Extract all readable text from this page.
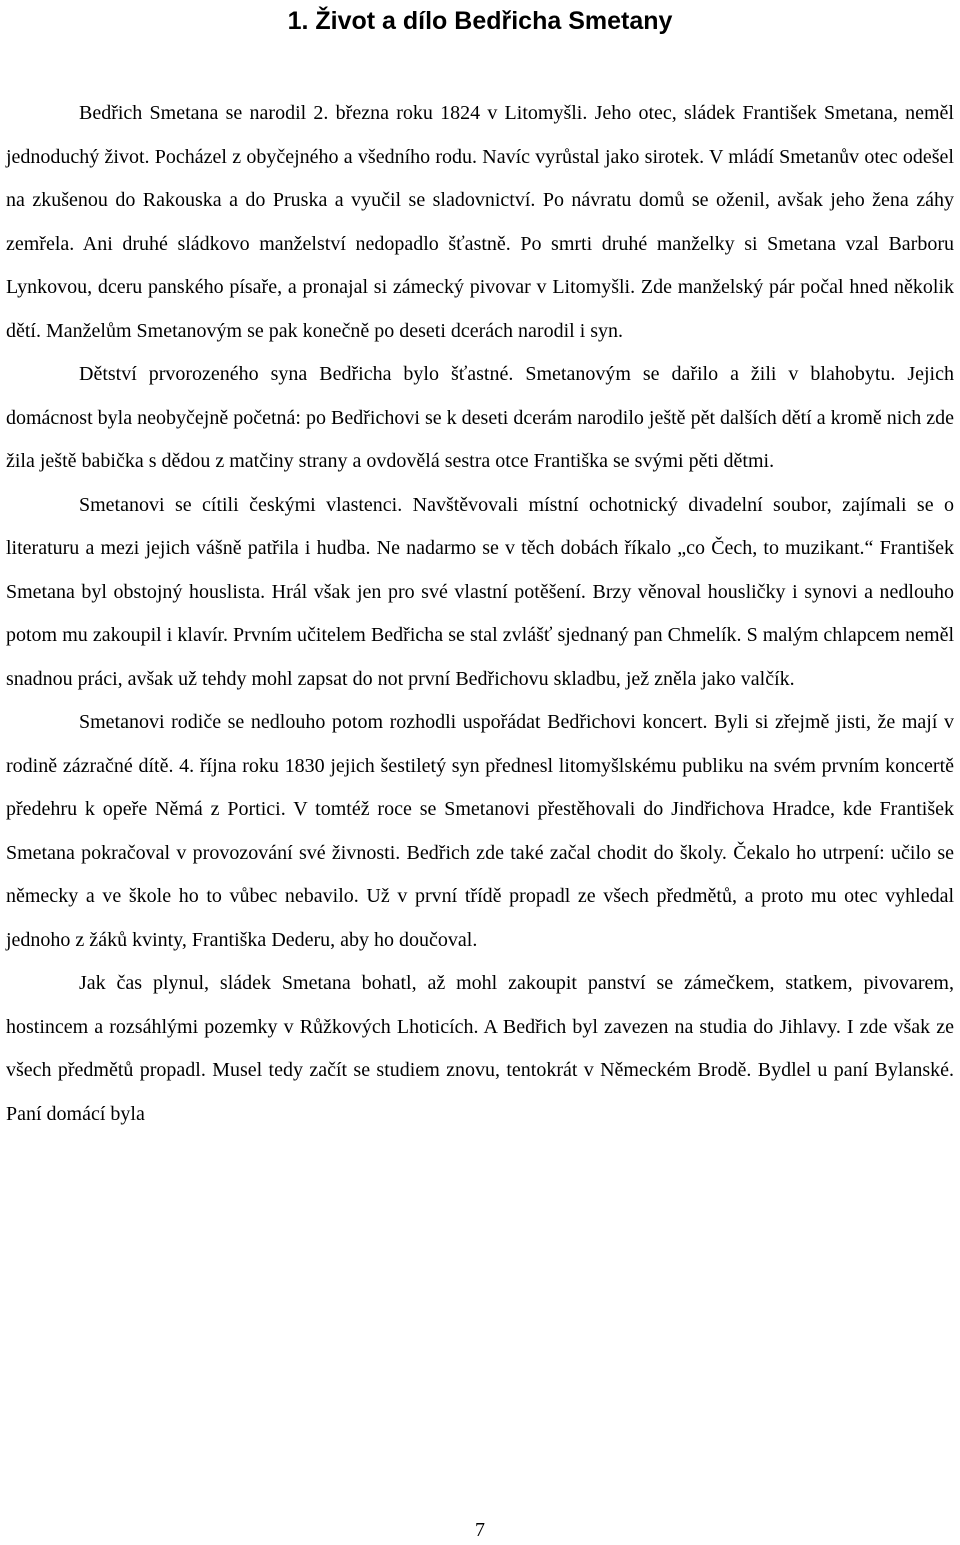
1. Život a dílo Bedřicha Smetany

Bedřich Smetana se narodil 2. března roku 1824 v Litomyšli. Jeho otec, sládek František Smetana, neměl jednoduchý život. Pocházel z obyčejného a všedního rodu. Navíc vyrůstal jako sirotek. V mládí Smetanův otec odešel na zkušenou do Rakouska a do Pruska a vyučil se sladovnictví. Po návratu domů se oženil, avšak jeho žena záhy zemřela. Ani druhé sládkovo manželství nedopadlo šťastně. Po smrti druhé manželky si Smetana vzal Barboru Lynkovou, dceru panského písaře, a pronajal si zámecký pivovar v Litomyšli. Zde manželský pár počal hned několik dětí. Manželům Smetanovým se pak konečně po deseti dcerách narodil i syn.

Dětství prvorozeného syna Bedřicha bylo šťastné. Smetanovým se dařilo a žili v blahobytu. Jejich domácnost byla neobyčejně početná: po Bedřichovi se k deseti dcerám narodilo ještě pět dalších dětí a kromě nich zde žila ještě babička s dědou z matčiny strany a ovdovělá sestra otce Františka se svými pěti dětmi.

Smetanovi se cítili českými vlastenci. Navštěvovali místní ochotnický divadelní soubor, zajímali se o literaturu a mezi jejich vášně patřila i hudba. Ne nadarmo se v těch dobách říkalo „co Čech, to muzikant.“ František Smetana byl obstojný houslista. Hrál však jen pro své vlastní potěšení. Brzy věnoval housličky i synovi a nedlouho potom mu zakoupil i klavír. Prvním učitelem Bedřicha se stal zvlášť sjednaný pan Chmelík. S malým chlapcem neměl snadnou práci, avšak už tehdy mohl zapsat do not první Bedřichovu skladbu, jež zněla jako valčík.

Smetanovi rodiče se nedlouho potom rozhodli uspořádat Bedřichovi koncert. Byli si zřejmě jisti, že mají v rodině zázračné dítě. 4. října roku 1830 jejich šestiletý syn přednesl litomyšlskému publiku na svém prvním koncertě předehru k opeře Němá z Portici. V tomtéž roce se Smetanovi přestěhovali do Jindřichova Hradce, kde František Smetana pokračoval v provozování své živnosti. Bedřich zde také začal chodit do školy. Čekalo ho utrpení: učilo se německy a ve škole ho to vůbec nebavilo. Už v první třídě propadl ze všech předmětů, a proto mu otec vyhledal jednoho z žáků kvinty, Františka Dederu, aby ho doučoval.

Jak čas plynul, sládek Smetana bohatl, až mohl zakoupit panství se zámečkem, statkem, pivovarem, hostincem a rozsáhlými pozemky v Růžkových Lhoticích. A Bedřich byl zavezen na studia do Jihlavy. I zde však ze všech předmětů propadl. Musel tedy začít se studiem znovu, tentokrát v Německém Brodě. Bydlel u paní Bylanské. Paní domácí byla

7
